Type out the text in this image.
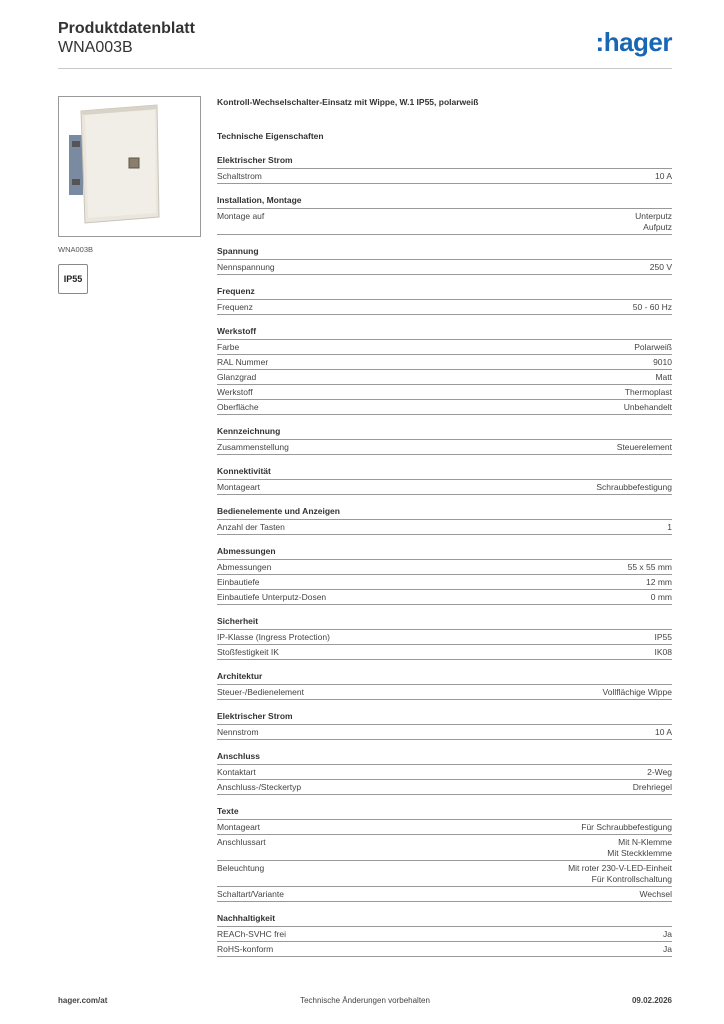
Produktdatenblatt
WNA003B	:hager
WNA003B
IP55
Kontroll-Wechselschalter-Einsatz mit Wippe, W.1 IP55, polarweiß
Technische Eigenschaften
Elektrischer Strom
Schaltstrom	10 A
Installation, Montage
Montage auf	Unterputz
Aufputz
Spannung
Nennspannung	250 V
Frequenz
Frequenz	50 - 60 Hz
Werkstoff
Farbe	Polarweiß
RAL Nummer	9010
Glanzgrad	Matt
Werkstoff	Thermoplast
Oberfläche	Unbehandelt
Kennzeichnung
Zusammenstellung	Steuerelement
Konnektivität
Montageart	Schraubbefestigung
Bedienelemente und Anzeigen
Anzahl der Tasten	1
Abmessungen
Abmessungen	55 x 55 mm
Einbautiefe	12 mm
Einbautiefe Unterputz-Dosen	0 mm
Sicherheit
IP-Klasse (Ingress Protection)	IP55
Stoßfestigkeit IK	IK08
Architektur
Steuer-/Bedienelement	Vollflächige Wippe
Elektrischer Strom
Nennstrom	10 A
Anschluss
Kontaktart	2-Weg
Anschluss-/Steckertyp	Drehriegel
Texte
Montageart	Für Schraubbefestigung
Anschlussart	Mit N-Klemme
Mit Steckklemme
Beleuchtung	Mit roter 230-V-LED-Einheit
Für Kontrollschaltung
Schaltart/Variante	Wechsel
Nachhaltigkeit
REACh-SVHC frei	Ja
RoHS-konform	Ja
hager.com/at	Technische Änderungen vorbehalten	09.02.2026
